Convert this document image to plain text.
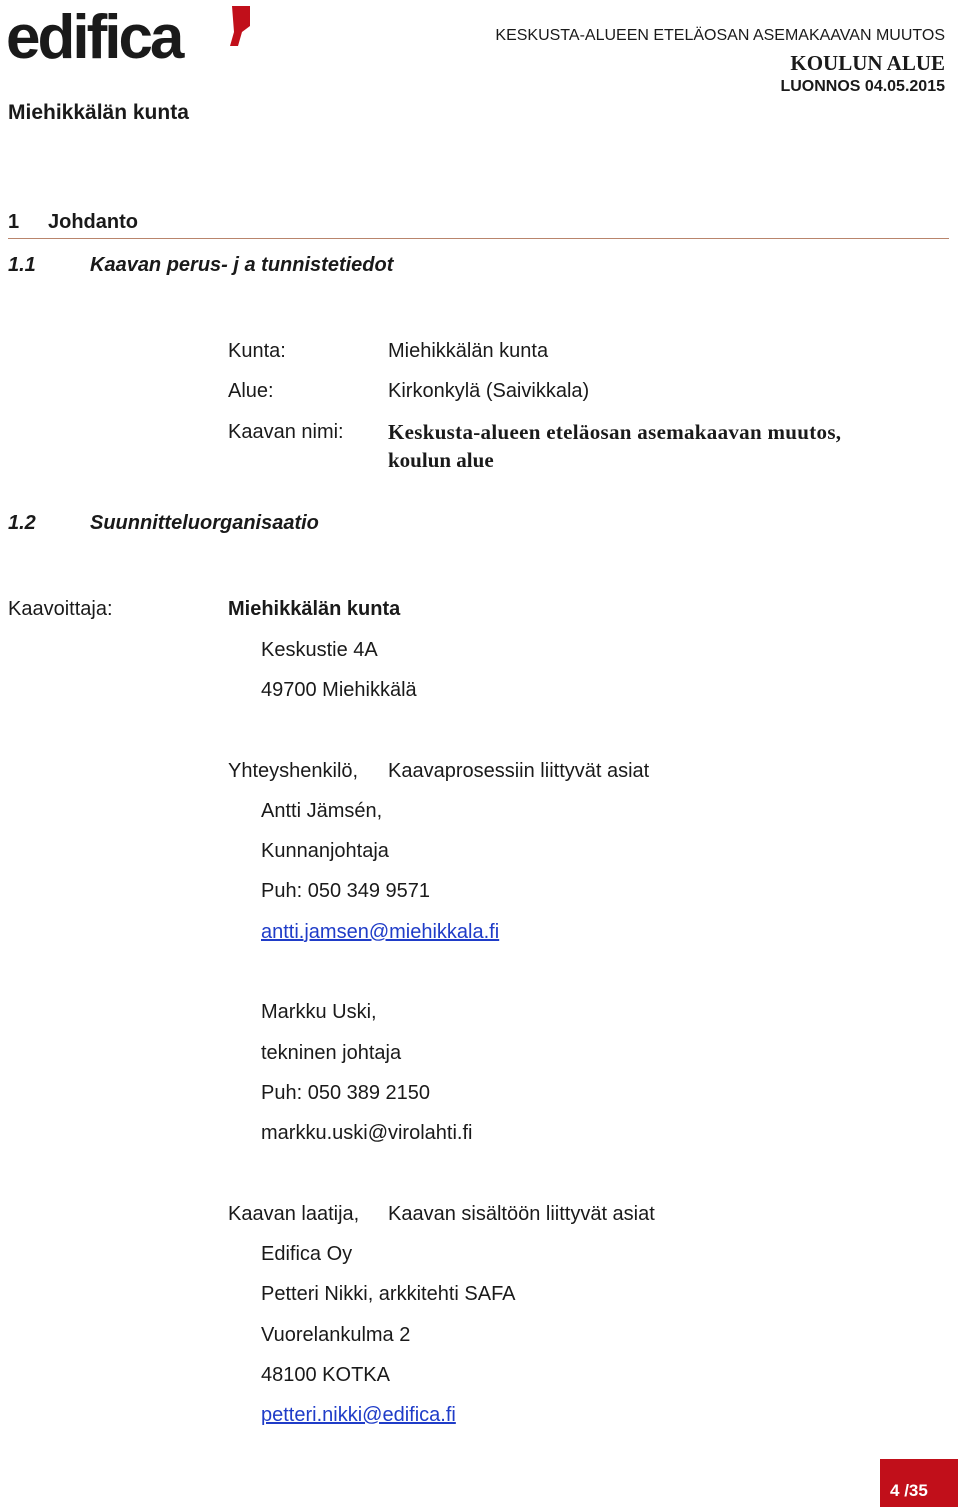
edifica
Miehikkälän kunta
KESKUSTA-ALUEEN ETELÄOSAN ASEMAKAAVAN MUUTOS
KOULUN ALUE
LUONNOS 04.05.2015
1 Johdanto
1.1	Kaavan perus- j a tunnistetiedot
Kunta:	Miehikkälän kunta
Alue:	Kirkonkylä (Saivikkala)
Kaavan nimi: Keskusta-alueen eteläosan asemakaavan muutos,
koulun alue
1.2	Suunnitteluorganisaatio
Kaavoittaja:	Miehikkälän kunta
Keskustie 4A
49700 Miehikkälä
Yhteyshenkilö, Kaavaprosessiin liittyvät asiat
Antti Jämsén,
Kunnanjohtaja
Puh: 050 349 9571
antti.jamsen@miehikkala.fi
Markku Uski,
tekninen johtaja
Puh: 050 389 2150
markku.uski@virolahti.fi
Kaavan laatija, Kaavan sisältöön liittyvät asiat
Edifica Oy
Petteri Nikki, arkkitehti SAFA
Vuorelankulma 2
48100 KOTKA
petteri.nikki@edifica.fi
4 /35
